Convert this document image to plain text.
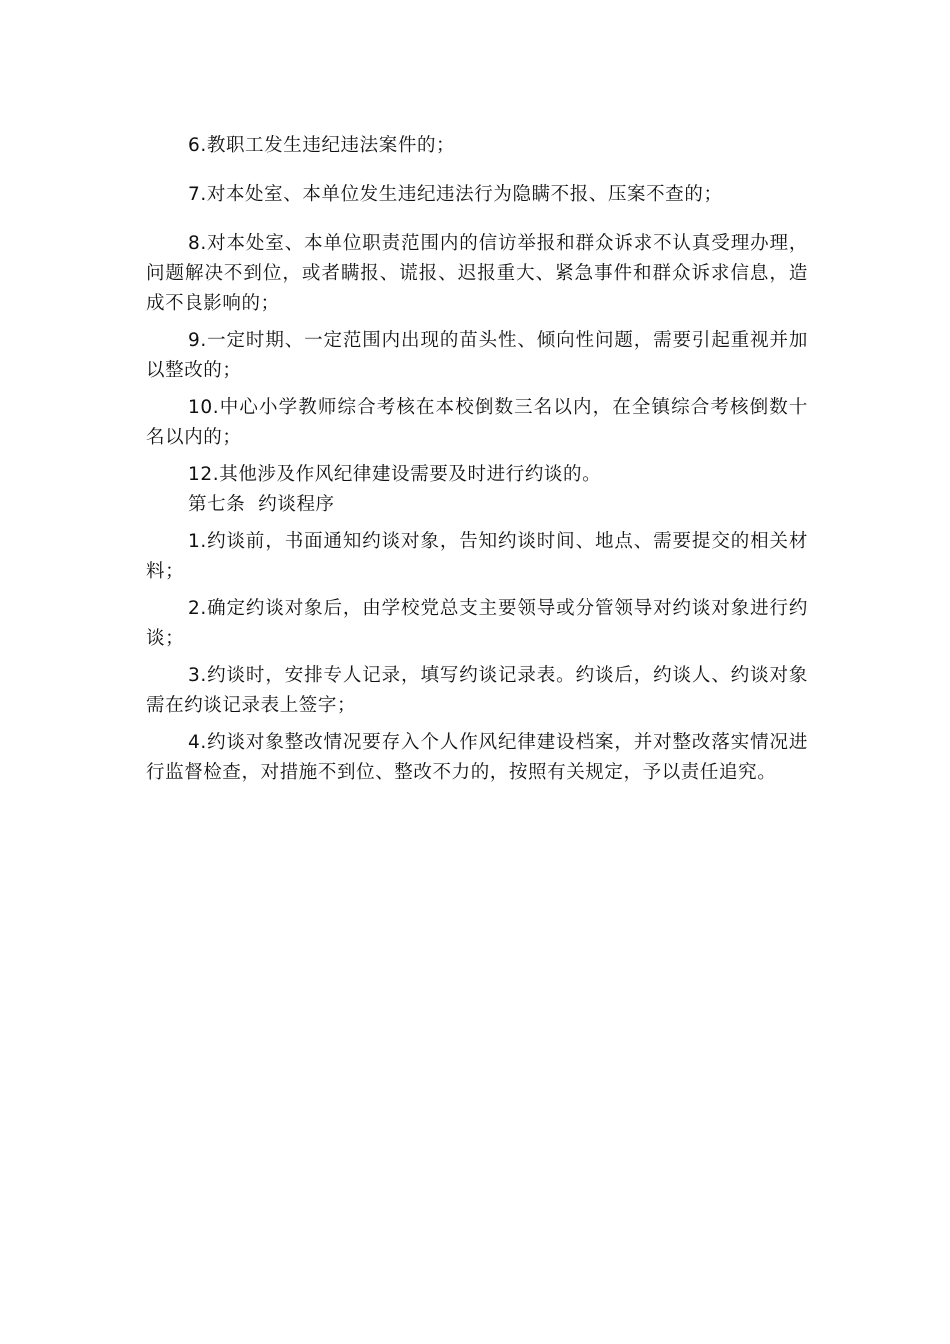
6.教职工发生违纪违法案件的；

7.对本处室、本单位发生违纪违法行为隐瞒不报、压案不查的；

8.对本处室、本单位职责范围内的信访举报和群众诉求不认真受理办理，问题解决不到位，或者瞒报、谎报、迟报重大、紧急事件和群众诉求信息，造成不良影响的；

9.一定时期、一定范围内出现的苗头性、倾向性问题，需要引起重视并加以整改的；

10.中心小学教师综合考核在本校倒数三名以内，在全镇综合考核倒数十名以内的；

12.其他涉及作风纪律建设需要及时进行约谈的。

第七条  约谈程序

1.约谈前，书面通知约谈对象，告知约谈时间、地点、需要提交的相关材料；

2.确定约谈对象后，由学校党总支主要领导或分管领导对约谈对象进行约谈；

3.约谈时，安排专人记录，填写约谈记录表。约谈后，约谈人、约谈对象需在约谈记录表上签字；

4.约谈对象整改情况要存入个人作风纪律建设档案，并对整改落实情况进行监督检查，对措施不到位、整改不力的，按照有关规定，予以责任追究。
